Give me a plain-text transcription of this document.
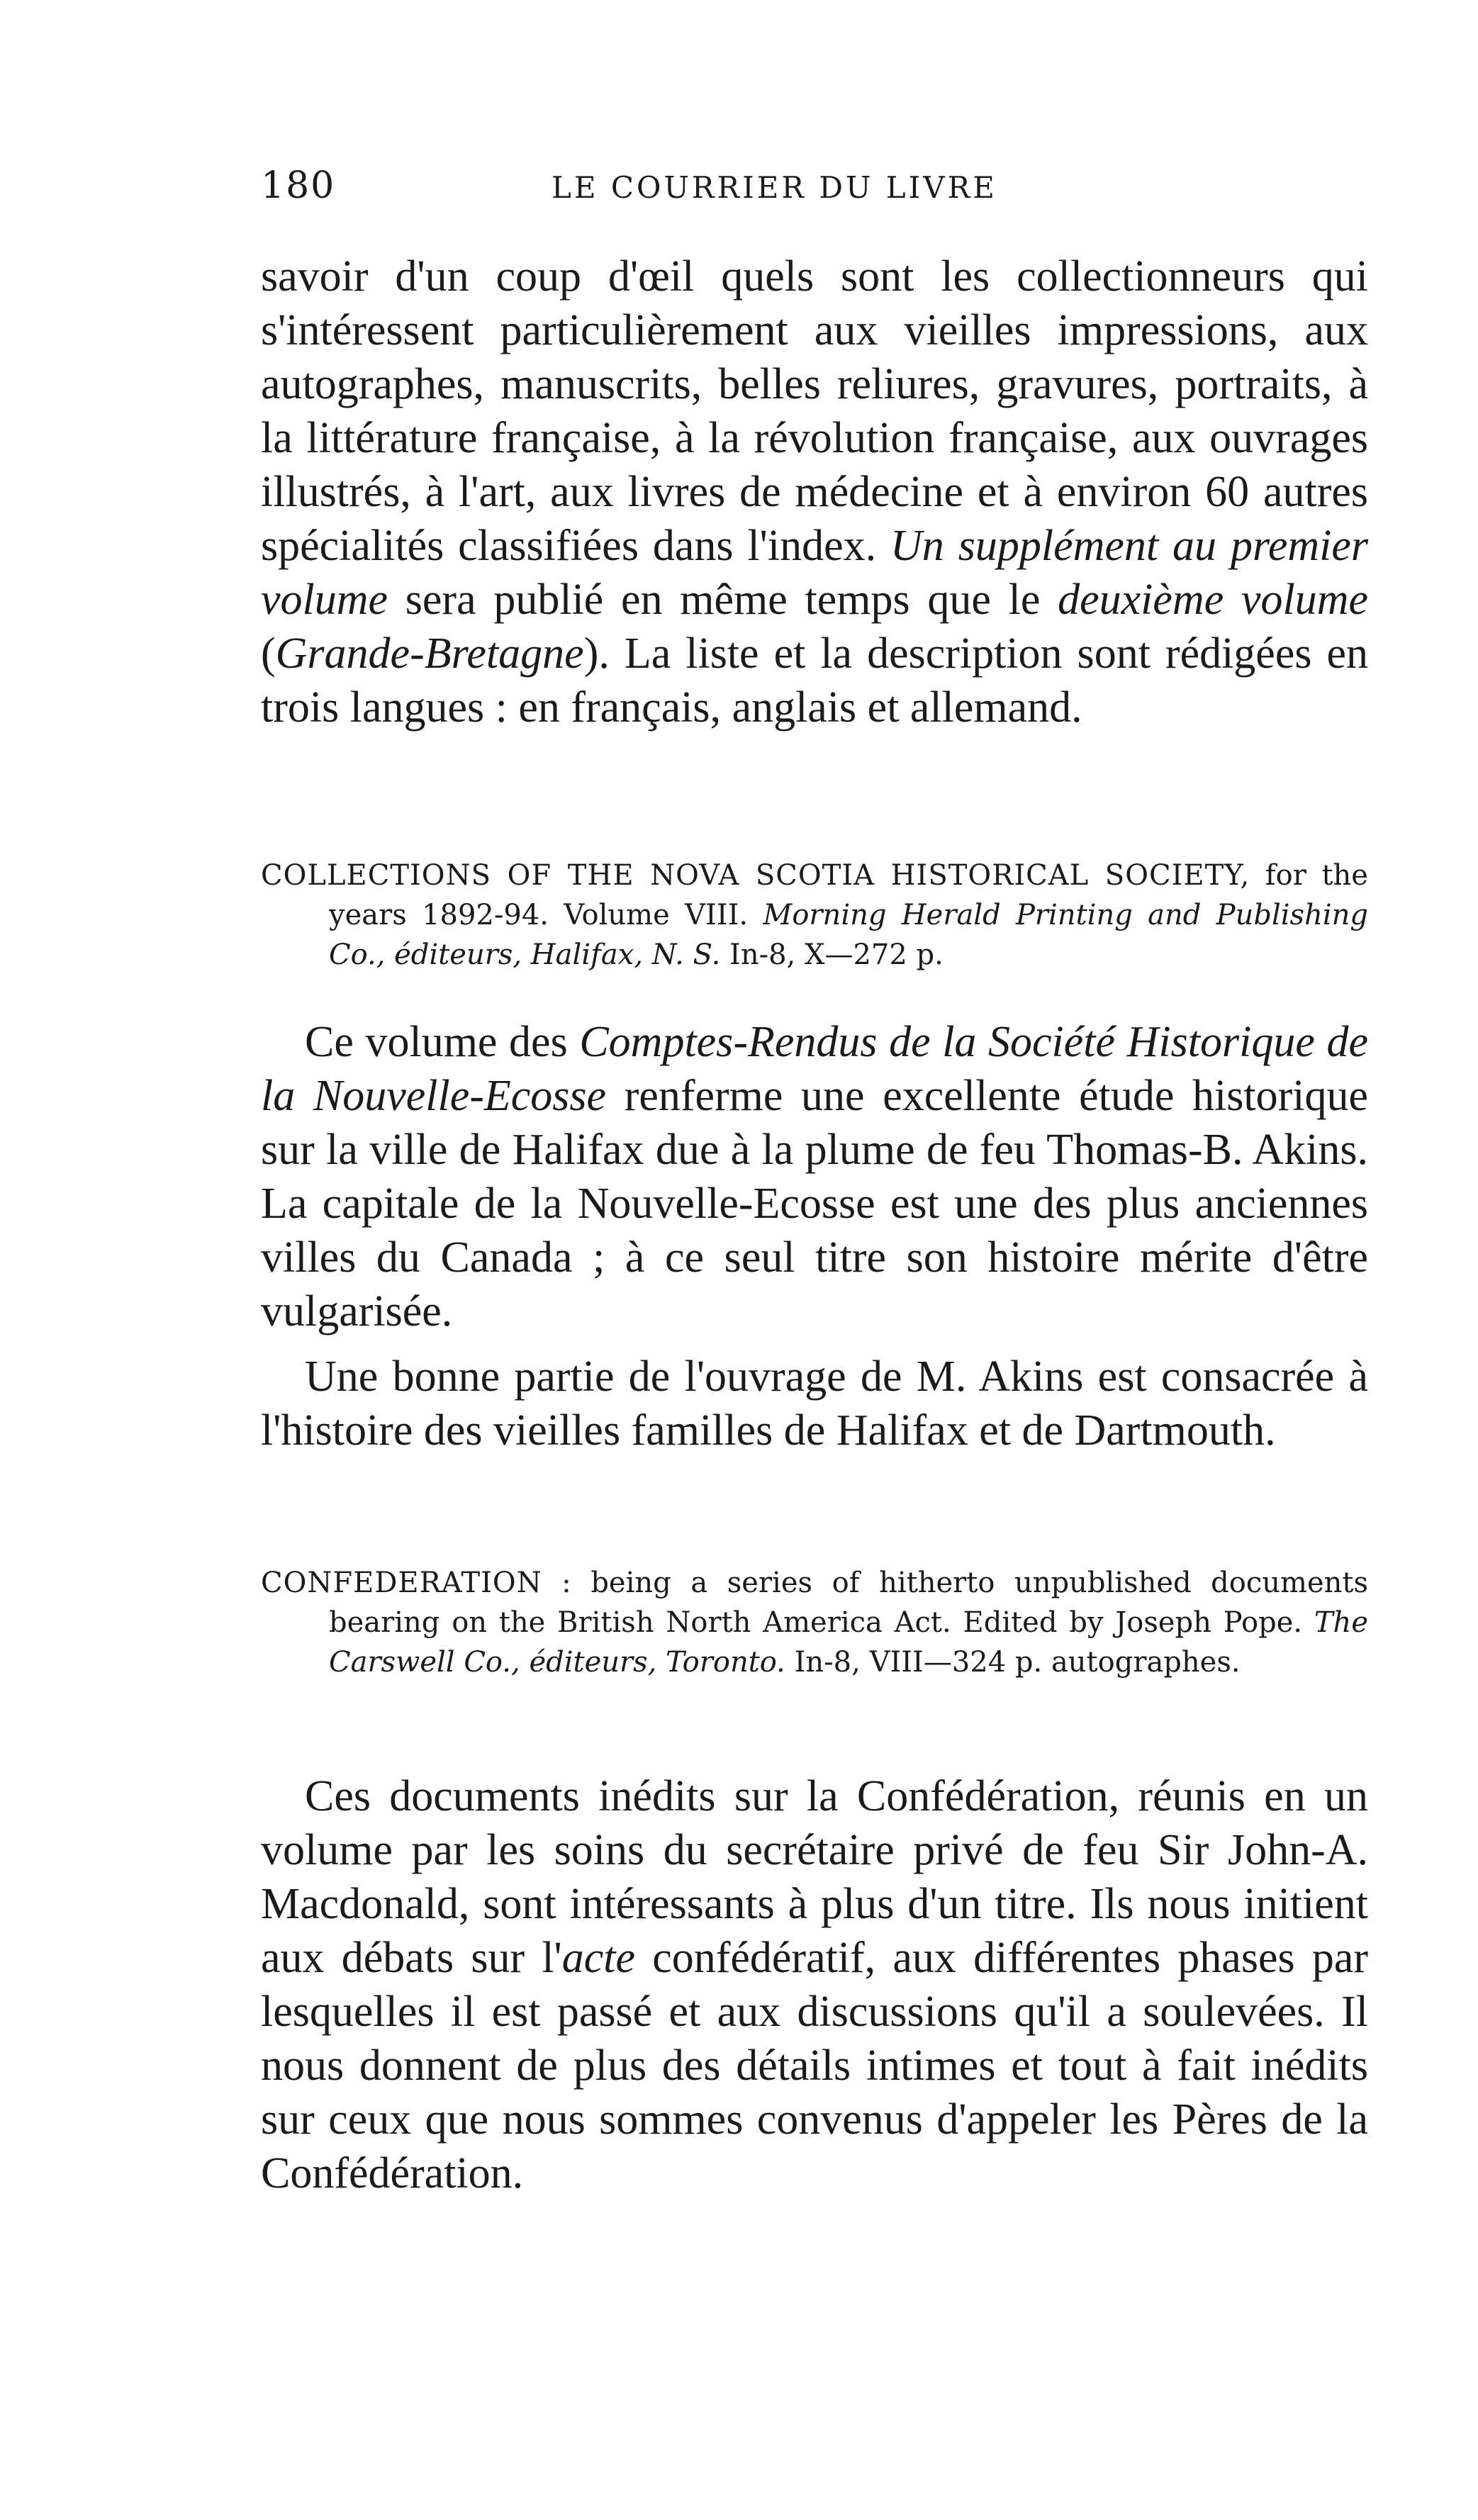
180	LE COURRIER DU LIVRE

savoir d'un coup d'œil quels sont les collectionneurs qui s'intéressent particulièrement aux vieilles impressions, aux autographes, manuscrits, belles reliures, gravures, portraits, à la littérature française, à la révolution française, aux ouvrages illustrés, à l'art, aux livres de médecine et à environ 60 autres spécialités classifiées dans l'index. Un supplément au premier volume sera publié en même temps que le deuxième volume (Grande-Bretagne). La liste et la description sont rédigées en trois langues : en français, anglais et allemand.

COLLECTIONS OF THE NOVA SCOTIA HISTORICAL SOCIETY, for the years 1892-94. Volume VIII. Morning Herald Printing and Publishing Co., éditeurs, Halifax, N. S. In-8, X—272 p.

Ce volume des Comptes-Rendus de la Société Historique de la Nouvelle-Ecosse renferme une excellente étude historique sur la ville de Halifax due à la plume de feu Thomas-B. Akins. La capitale de la Nouvelle-Ecosse est une des plus anciennes villes du Canada ; à ce seul titre son histoire mérite d'être vulgarisée.

Une bonne partie de l'ouvrage de M. Akins est consacrée à l'histoire des vieilles familles de Halifax et de Dartmouth.

CONFEDERATION : being a series of hitherto unpublished documents bearing on the British North America Act. Edited by Joseph Pope. The Carswell Co., éditeurs, Toronto. In-8, VIII—324 p. autographes.

Ces documents inédits sur la Confédération, réunis en un volume par les soins du secrétaire privé de feu Sir John-A. Macdonald, sont intéressants à plus d'un titre. Ils nous initient aux débats sur l'acte confédératif, aux différentes phases par lesquelles il est passé et aux discussions qu'il a soulevées. Il nous donnent de plus des détails intimes et tout à fait inédits sur ceux que nous sommes convenus d'appeler les Pères de la Confédération.
